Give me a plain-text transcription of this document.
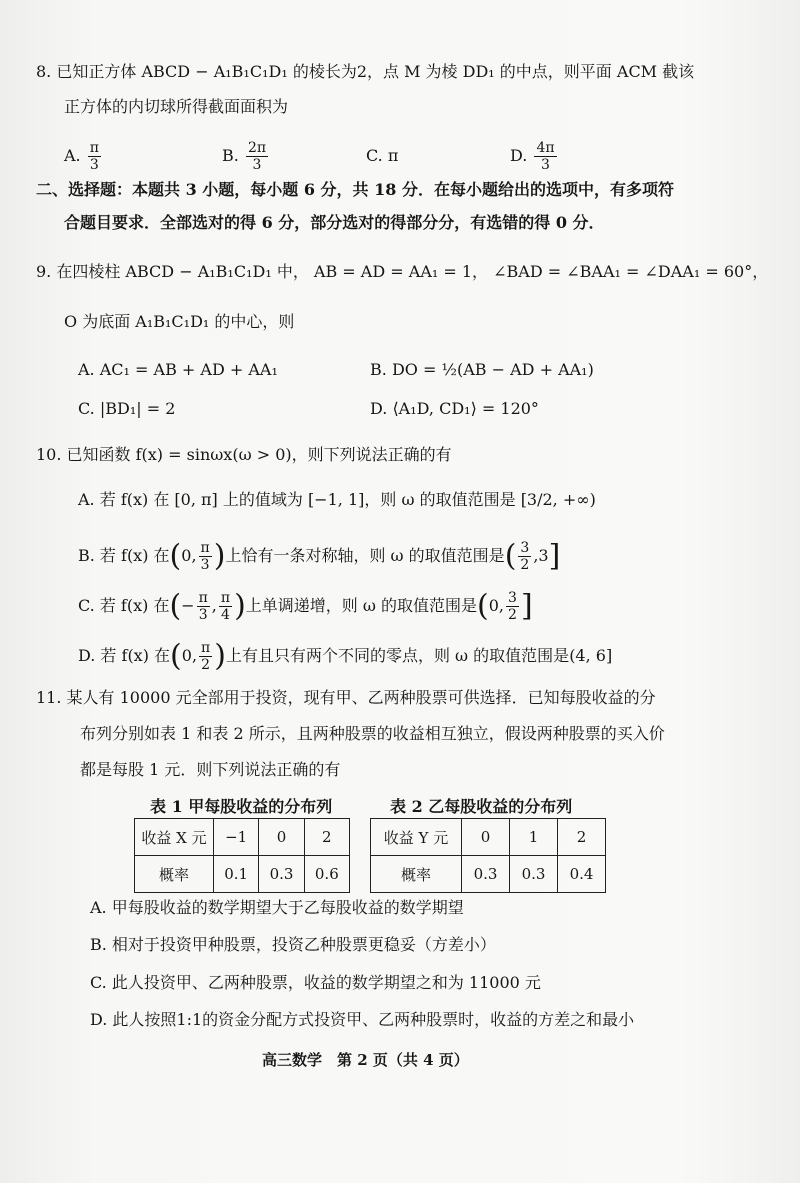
8. 已知正方体 ABCD − A₁B₁C₁D₁ 的棱长为2，点 M 为棱 DD₁ 的中点，则平面 ACM 截该
正方体的内切球所得截面面积为
A. $\frac{\pi}{3}$	B. $\frac{2\pi}{3}$	C. π	D. $\frac{4\pi}{3}$
二、选择题：本题共 3 小题，每小题 6 分，共 18 分．在每小题给出的选项中，有多项符
合题目要求．全部选对的得 6 分，部分选对的得部分分，有选错的得 0 分．
9. 在四棱柱 ABCD − A₁B₁C₁D₁ 中， AB = AD = AA₁ = 1， ∠BAD = ∠BAA₁ = ∠DAA₁ = 60°，
O 为底面 A₁B₁C₁D₁ 的中心，则
A. AC₁ = AB + AD + AA₁	B. DO = ½(AB − AD + AA₁)
C. |BD₁| = 2	D. ⟨A₁D, CD₁⟩ = 120°
10. 已知函数 f(x) = sinωx(ω > 0)，则下列说法正确的有
A. 若 f(x) 在 [0, π] 上的值域为 [−1, 1]，则 ω 的取值范围是 [3/2, +∞)
B. 若 f(x) 在(0, $\frac{\pi}{3}$ )上恰有一条对称轴，则 ω 的取值范围是( $\frac{3}{2} ,3$]
C. 若 f(x) 在(− $\frac{\pi}{3}$ , $\frac{\pi}{4}$ )上单调递增，则 ω 的取值范围是(0, $\frac{3}{2}$ ]
D. 若 f(x) 在(0, $\frac{\pi}{2}$ )上有且只有两个不同的零点，则 ω 的取值范围是(4, 6]
11. 某人有 10000 元全部用于投资，现有甲、乙两种股票可供选择．已知每股收益的分
布列分别如表 1 和表 2 所示，且两种股票的收益相互独立，假设两种股票的买入价
都是每股 1 元．则下列说法正确的有
表 1 甲每股收益的分布列
收益 X 元	−1	0	2
概率	0.1	0.3	0.6
表 2 乙每股收益的分布列
收益 Y 元	0	1	2
概率	0.3	0.3	0.4
A. 甲每股收益的数学期望大于乙每股收益的数学期望
B. 相对于投资甲种股票，投资乙种股票更稳妥（方差小）
C. 此人投资甲、乙两种股票，收益的数学期望之和为 11000 元
D. 此人按照1:1的资金分配方式投资甲、乙两种股票时，收益的方差之和最小
高三数学　第 2 页（共 4 页）
